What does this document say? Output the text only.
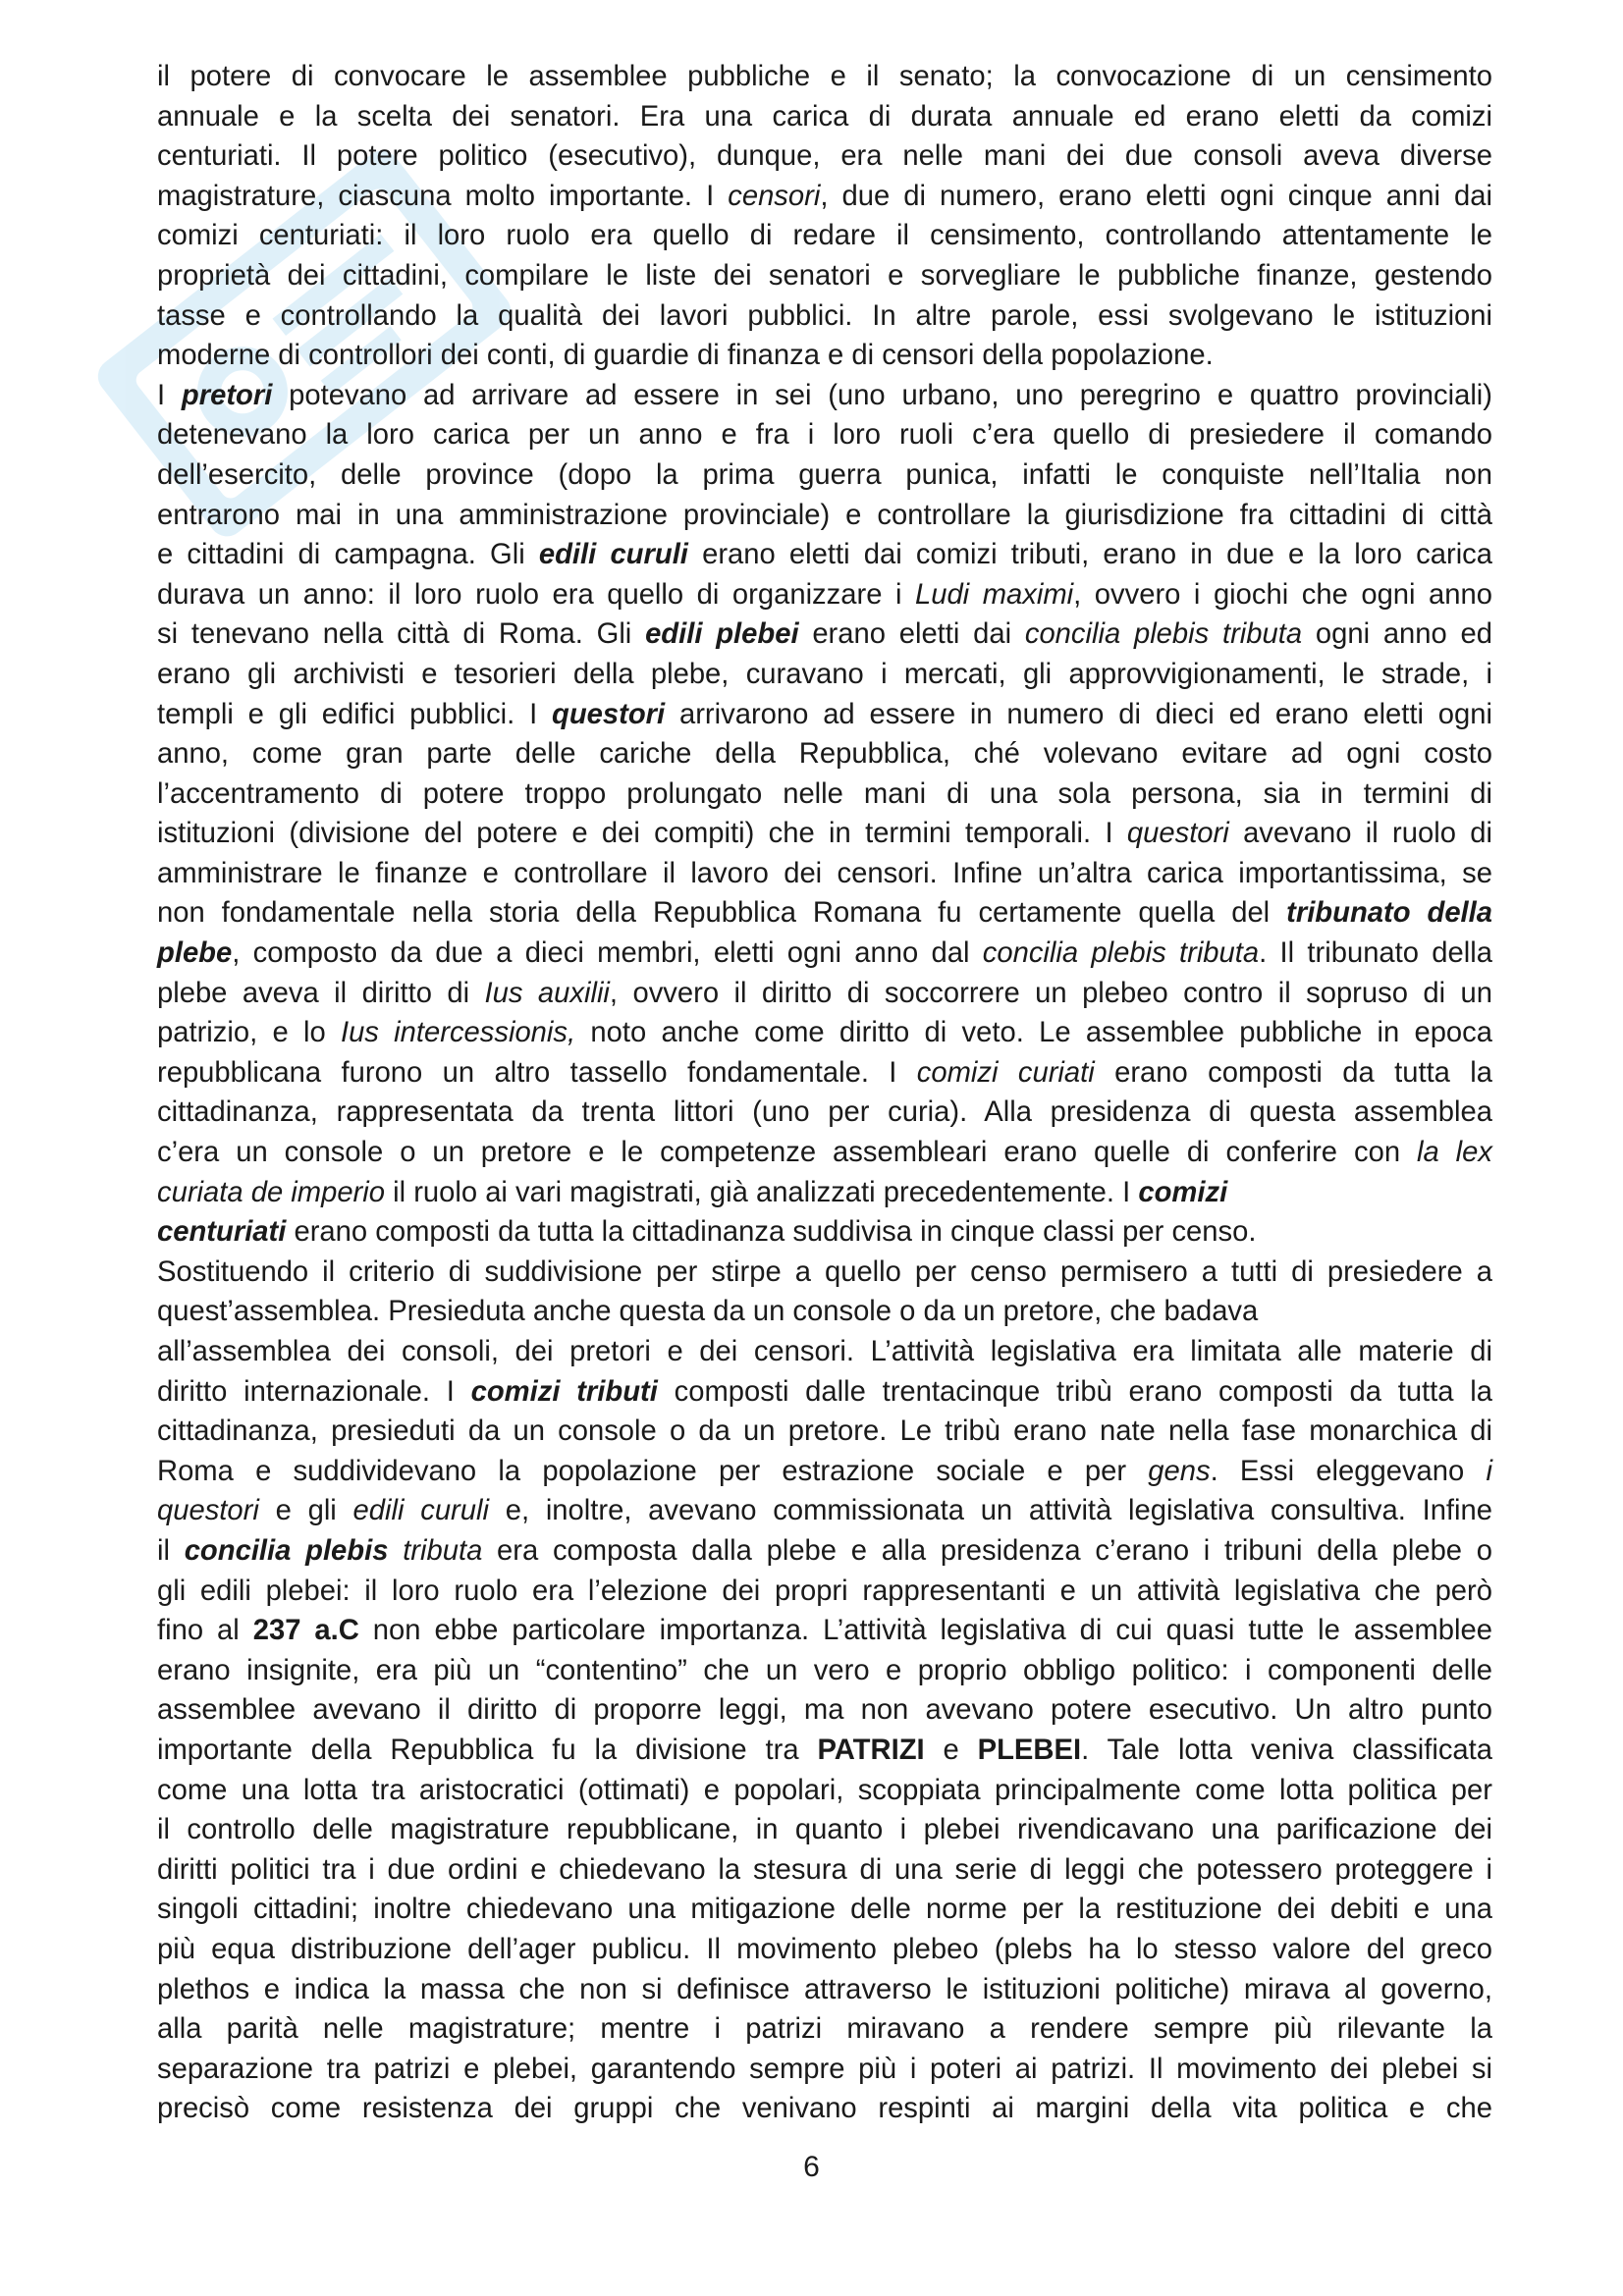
il potere di convocare le assemblee pubbliche e il senato; la convocazione di un censimento
annuale e la scelta dei senatori. Era una carica di durata annuale ed erano eletti da comizi
centuriati. Il potere politico (esecutivo), dunque, era nelle mani dei due consoli aveva diverse
magistrature, ciascuna molto importante. I censori, due di numero, erano eletti ogni cinque anni dai
comizi centuriati: il loro ruolo era quello di redare il censimento, controllando attentamente le
proprietà dei cittadini, compilare le liste dei senatori e sorvegliare le pubbliche finanze, gestendo
tasse e controllando la qualità dei lavori pubblici. In altre parole, essi svolgevano le istituzioni
moderne di controllori dei conti, di guardie di finanza e di censori della popolazione.
I pretori potevano ad arrivare ad essere in sei (uno urbano, uno peregrino e quattro provinciali)
detenevano la loro carica per un anno e fra i loro ruoli c’era quello di presiedere il comando
dell’esercito, delle province (dopo la prima guerra punica, infatti le conquiste nell’Italia non
entrarono mai in una amministrazione provinciale) e controllare la giurisdizione fra cittadini di città
e cittadini di campagna. Gli edili curuli erano eletti dai comizi tributi, erano in due e la loro carica
durava un anno: il loro ruolo era quello di organizzare i Ludi maximi, ovvero i giochi che ogni anno
si tenevano nella città di Roma. Gli edili plebei erano eletti dai concilia plebis tributa ogni anno ed
erano gli archivisti e tesorieri della plebe, curavano i mercati, gli approvvigionamenti, le strade, i
templi e gli edifici pubblici. I questori arrivarono ad essere in numero di dieci ed erano eletti ogni
anno, come gran parte delle cariche della Repubblica, ché volevano evitare ad ogni costo
l’accentramento di potere troppo prolungato nelle mani di una sola persona, sia in termini di
istituzioni (divisione del potere e dei compiti) che in termini temporali. I questori avevano il ruolo di
amministrare le finanze e controllare il lavoro dei censori. Infine un’altra carica importantissima, se
non fondamentale nella storia della Repubblica Romana fu certamente quella del tribunato della
plebe, composto da due a dieci membri, eletti ogni anno dal concilia plebis tributa. Il tribunato della
plebe aveva il diritto di Ius auxilii, ovvero il diritto di soccorrere un plebeo contro il sopruso di un
patrizio, e lo Ius intercessionis, noto anche come diritto di veto. Le assemblee pubbliche in epoca
repubblicana furono un altro tassello fondamentale. I comizi curiati erano composti da tutta la
cittadinanza, rappresentata da trenta littori (uno per curia). Alla presidenza di questa assemblea
c’era un console o un pretore e le competenze assembleari erano quelle di conferire con la lex
curiata de imperio il ruolo ai vari magistrati, già analizzati precedentemente. I comizi
centuriati erano composti da tutta la cittadinanza suddivisa in cinque classi per censo.
Sostituendo il criterio di suddivisione per stirpe a quello per censo permisero a tutti di presiedere a
quest’assemblea. Presieduta anche questa da un console o da un pretore, che badava
all’assemblea dei consoli, dei pretori e dei censori. L’attività legislativa era limitata alle materie di
diritto internazionale. I comizi tributi composti dalle trentacinque tribù erano composti da tutta la
cittadinanza, presieduti da un console o da un pretore. Le tribù erano nate nella fase monarchica di
Roma e suddividevano la popolazione per estrazione sociale e per gens. Essi eleggevano i
questori e gli edili curuli e, inoltre, avevano commissionata un attività legislativa consultiva. Infine
il concilia plebis tributa era composta dalla plebe e alla presidenza c’erano i tribuni della plebe o
gli edili plebei: il loro ruolo era l’elezione dei propri rappresentanti e un attività legislativa che però
fino al 237 a.C non ebbe particolare importanza. L’attività legislativa di cui quasi tutte le assemblee
erano insignite, era più un “contentino” che un vero e proprio obbligo politico: i componenti delle
assemblee avevano il diritto di proporre leggi, ma non avevano potere esecutivo. Un altro punto
importante della Repubblica fu la divisione tra PATRIZI e PLEBEI. Tale lotta veniva classificata
come una lotta tra aristocratici (ottimati) e popolari, scoppiata principalmente come lotta politica per
il controllo delle magistrature repubblicane, in quanto i plebei rivendicavano una parificazione dei
diritti politici tra i due ordini e chiedevano la stesura di una serie di leggi che potessero proteggere i
singoli cittadini; inoltre chiedevano una mitigazione delle norme per la restituzione dei debiti e una
più equa distribuzione dell’ager publicu. Il movimento plebeo (plebs ha lo stesso valore del greco
plethos e indica la massa che non si definisce attraverso le istituzioni politiche) mirava al governo,
alla parità nelle magistrature; mentre i patrizi miravano a rendere sempre più rilevante la
separazione tra patrizi e plebei, garantendo sempre più i poteri ai patrizi. Il movimento dei plebei si
precisò come resistenza dei gruppi che venivano respinti ai margini della vita politica e che
6
